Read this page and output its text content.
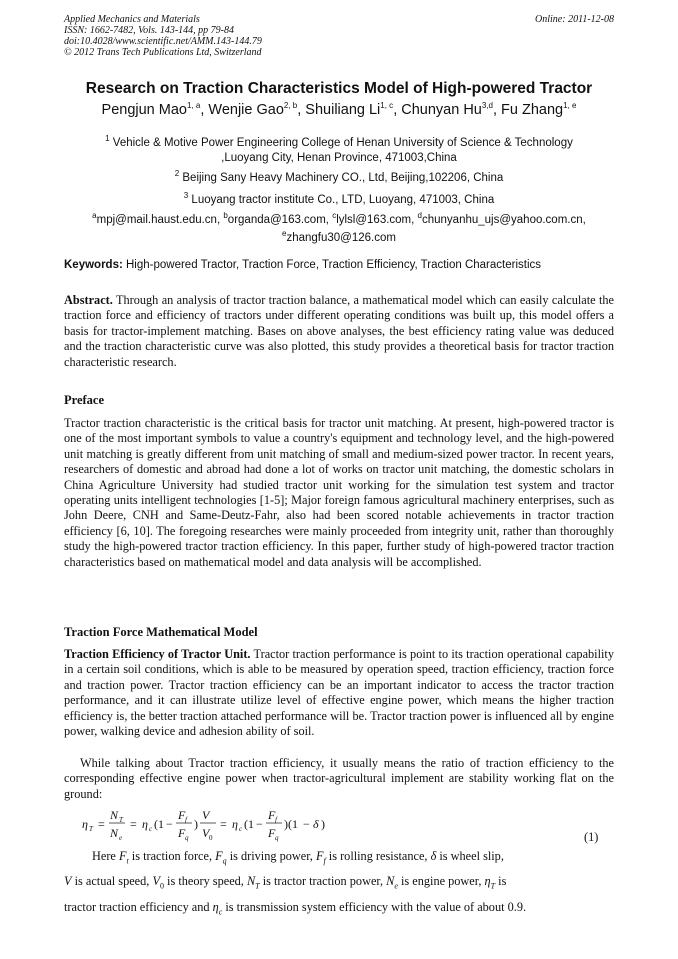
Applied Mechanics and Materials
ISSN: 1662-7482, Vols. 143-144, pp 79-84
doi:10.4028/www.scientific.net/AMM.143-144.79
© 2012 Trans Tech Publications Ltd, Switzerland
Online: 2011-12-08
Research on Traction Characteristics Model of High-powered Tractor
Pengjun Mao$^{1, a}$, Wenjie Gao$^{2, b}$, Shuiliang Li$^{1, c}$, Chunyan Hu$^{3,d}$, Fu Zhang$^{1, e}$
$^1$ Vehicle & Motive Power Engineering College of Henan University of Science & Technology
,Luoyang City, Henan Province, 471003,China
$^2$ Beijing Sany Heavy Machinery CO., Ltd, Beijing,102206, China
$^3$ Luoyang tractor institute Co., LTD, Luoyang, 471003, China
$^a$mpj@mail.haust.edu.cn, $^b$organda@163.com, $^c$lylsl@163.com, $^d$chunyanhu_ujs@yahoo.com.cn,
$^e$zhangfu30@126.com
Keywords: High-powered Tractor, Traction Force, Traction Efficiency, Traction Characteristics
Abstract. Through an analysis of tractor traction balance, a mathematical model which can easily calculate the traction force and efficiency of tractors under different operating conditions was built up, this model offers a basis for tractor-implement matching. Bases on above analyses, the best efficiency rating value was deduced and the traction characteristic curve was also plotted, this study provides a theoretical basis for tractor traction characteristic research.
Preface
Tractor traction characteristic is the critical basis for tractor unit matching. At present, high-powered tractor is one of the most important symbols to value a country's equipment and technology level, and the high-powered unit matching is greatly different from unit matching of small and medium-sized power tractor. In recent years, researchers of domestic and abroad had done a lot of works on tractor unit matching, the domestic scholars in China Agriculture University had studied tractor unit working for the simulation test system and tractor operating units intelligent technologies [1-5]; Major foreign famous agricultural machinery enterprises, such as John Deere, CNH and Same-Deutz-Fahr, also had been scored notable achievements in tractor traction efficiency [6, 10]. The foregoing researches were mainly proceeded from integrity unit, rather than thoroughly study the high-powered tractor traction efficiency. In this paper, further study of high-powered tractor traction characteristics based on mathematical model and data analysis will be accomplished.
Traction Force Mathematical Model
Traction Efficiency of Tractor Unit. Tractor traction performance is point to its traction operational capability in a certain soil conditions, which is able to be measured by operation speed, traction efficiency, traction force and traction power. Tractor traction efficiency can be an important indicator to access the tractor traction performance, and it can illustrate utilize level of effective engine power, which means the higher traction efficiency is, the better traction attached performance will be. Tractor traction power is influenced all by engine power, walking device and adhesion ability of soil.
While talking about Tractor traction efficiency, it usually means the ratio of traction efficiency to the corresponding effective engine power when tractor-agricultural implement are stability working flat on the ground:
η T =
N T
N e
= η c (1 −
F f
F q
)
V
V 0
= η c (1 −
F f
F q
)(1 − δ )
(1)
Here $F_t$ is traction force, $F_q$ is driving power, $F_f$ is rolling resistance, δ is wheel slip,
V is actual speed, $V_0$ is theory speed, $N_T$ is tractor traction power, $N_e$ is engine power, $\eta_T$ is
tractor traction efficiency and $\eta_c$ is transmission system efficiency with the value of about 0.9.
